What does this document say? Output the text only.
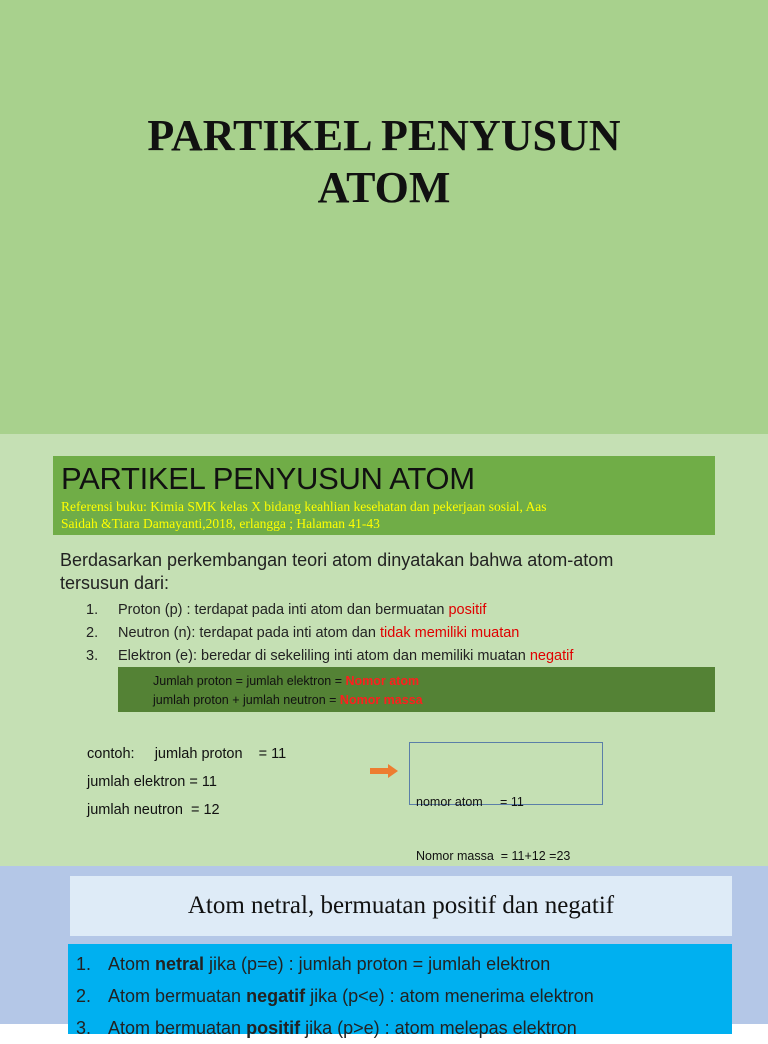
PARTIKEL PENYUSUN
ATOM
PARTIKEL PENYUSUN ATOM
Referensi buku: Kimia SMK kelas X bidang keahlian kesehatan dan pekerjaan sosial, Aas
Saidah &Tiara Damayanti,2018, erlangga ; Halaman 41-43
Berdasarkan perkembangan teori atom dinyatakan bahwa atom-atom
tersusun dari:
1. Proton (p) : terdapat pada inti atom dan bermuatan positif
2. Neutron (n): terdapat pada inti atom dan tidak memiliki muatan
3. Elektron (e): beredar di sekeliling inti atom dan memiliki muatan negatif
Jumlah proton = jumlah elektron = Nomor atom
jumlah proton + jumlah neutron = Nomor massa
contoh:     jumlah proton    = 11
jumlah elektron = 11
jumlah neutron  = 12

	nomor atom     = 11

Nomor massa  = 11+12 =23

Atom netral, bermuatan positif dan negatif
1. Atom netral jika (p=e) : jumlah proton = jumlah elektron
2. Atom bermuatan negatif jika (p<e) : atom menerima elektron
3. Atom bermuatan positif jika (p>e) : atom melepas elektron
